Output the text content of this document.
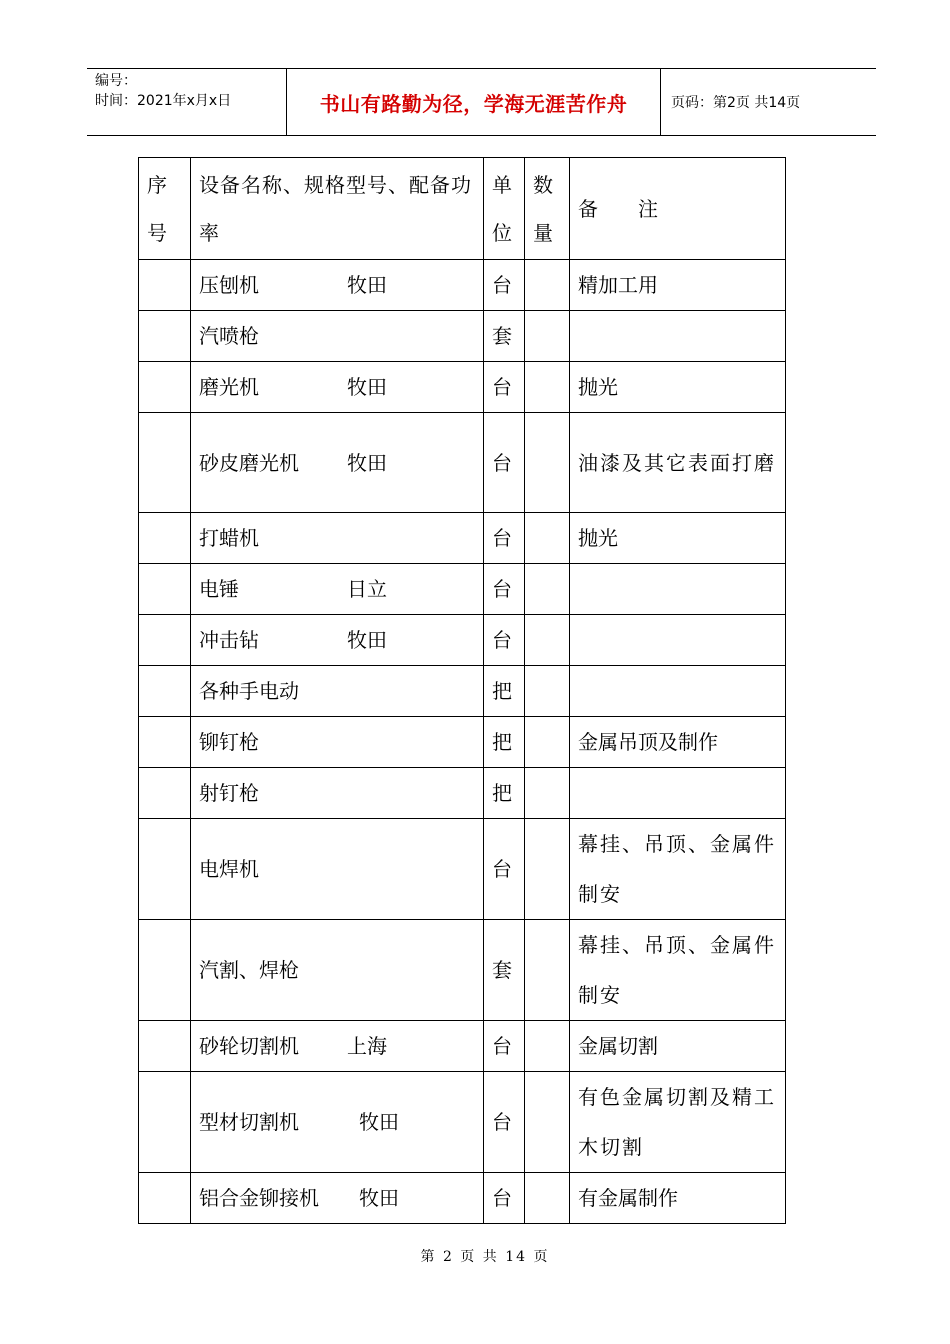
编号：
时间：2021年x月x日	书山有路勤为径，学海无涯苦作舟	页码：第2页 共14页
序号	设备名称、规格型号、配备功率	单位	数量	备　　注
	压刨机 牧田	台		精加工用
	汽喷枪	套		
	磨光机 牧田	台		抛光
	砂皮磨光机 牧田	台		油漆及其它表面打磨
	打蜡机	台		抛光
	电锤 日立	台		
	冲击钻 牧田	台		
	各种手电动	把		
	铆钉枪	把		金属吊顶及制作
	射钉枪	把		
	电焊机	台		幕挂、吊顶、金属件制安
	汽割、焊枪	套		幕挂、吊顶、金属件制安
	砂轮切割机 上海	台		金属切割
	型材切割机 牧田	台		有色金属切割及精工木切割
	铝合金铆接机 牧田	台		有金属制作
第 2 页 共 14 页
